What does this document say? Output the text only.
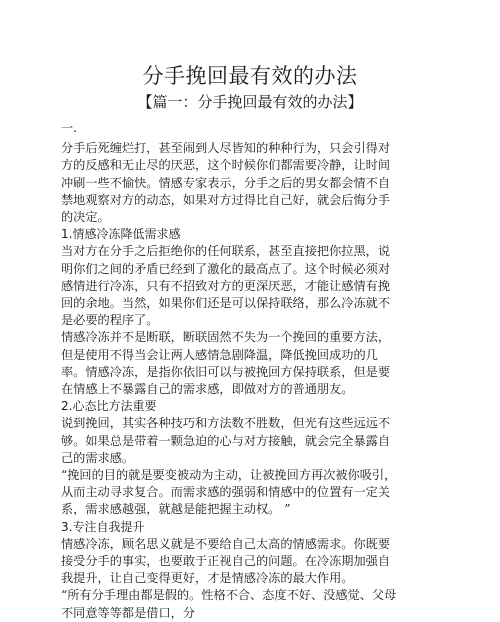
分手挽回最有效的办法
【篇一：分手挽回最有效的办法】

一.

分手后死缠烂打，甚至闹到人尽皆知的种种行为，只会引得对方的反感和无止尽的厌恶，这个时候你们都需要冷静，让时间冲刷一些不愉快。情感专家表示，分手之后的男女都会情不自禁地观察对方的动态，如果对方过得比自己好，就会后悔分手的决定。

1.情感冷冻降低需求感

当对方在分手之后拒绝你的任何联系，甚至直接把你拉黑，说明你们之间的矛盾已经到了激化的最高点了。这个时候必须对感情进行冷冻，只有不招致对方的更深厌恶，才能让感情有挽回的余地。当然，如果你们还是可以保持联络，那么冷冻就不是必要的程序了。

情感冷冻并不是断联，断联固然不失为一个挽回的重要方法，但是使用不得当会让两人感情急剧降温，降低挽回成功的几率。情感冷冻，是指你依旧可以与被挽回方保持联系，但是要在情感上不暴露自己的需求感，即做对方的普通朋友。

2.心态比方法重要

说到挽回，其实各种技巧和方法数不胜数，但光有这些远远不够。如果总是带着一颗急迫的心与对方接触，就会完全暴露自己的需求感。

“挽回的目的就是要变被动为主动，让被挽回方再次被你吸引，从而主动寻求复合。而需求感的强弱和情感中的位置有一定关系，需求感越强，就越是能把握主动权。 ”

3.专注自我提升

情感冷冻，顾名思义就是不要给自己太高的情感需求。你既要接受分手的事实，也要敢于正视自己的问题。在冷冻期加强自我提升，让自己变得更好，才是情感冷冻的最大作用。

“所有分手理由都是假的。性格不合、态度不好、没感觉、父母不同意等等都是借口，分
